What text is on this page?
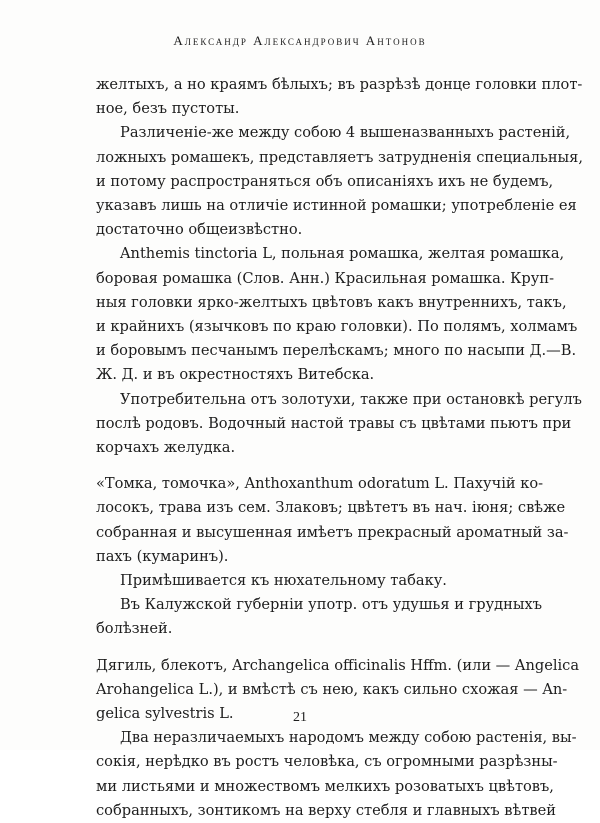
Александр Александрович Антонов
желтыхъ, а но краямъ бѣлыхъ; въ разрѣзѣ донце головки плот-
ное, безъ пустоты.
Различеніе-же между собою 4 вышеназванныхъ растеній,
ложныхъ ромашекъ, представляетъ затрудненія специальныя,
и потому распространяться объ описаніяхъ ихъ не будемъ,
указавъ лишь на отличіе истинной ромашки; употребленіе ея
достаточно общеизвѣстно.
Anthemis tinctoria L, польная ромашка, желтая ромашка,
боровая ромашка (Слов. Анн.) Красильная ромашка. Круп-
ныя головки ярко-желтыхъ цвѣтовъ какъ внутреннихъ, такъ,
и крайнихъ (язычковъ по краю головки). По полямъ, холмамъ
и боровымъ песчанымъ перелѣскамъ; много по насыпи Д.—В.
Ж. Д. и въ окрестностяхъ Витебска.
Употребительна отъ золотухи, также при остановкѣ регулъ
послѣ родовъ. Водочный настой травы съ цвѣтами пьютъ при
корчахъ желудка.
«Томка, томочка», Anthoxanthum odoratum L. Пахучій ко-
лосокъ, трава изъ сем. Злаковъ; цвѣтетъ въ нач. іюня; свѣже
собранная и высушенная имѣетъ прекрасный ароматный за-
пахъ (кумаринъ).
Примѣшивается къ нюхательному табаку.
Въ Калужской губерніи употр. отъ удушья и грудныхъ
болѣзней.
Дягиль, блекотъ, Archangelica officinalis Hffm. (или — Angelica
Arohangelica L.), и вмѣстѣ съ нею, какъ сильно схожая — An-
gelica sylvestris L.
Два неразличаемыхъ народомъ между собою растенія, вы-
сокія, нерѣдко въ ростъ человѣка, съ огромными разрѣзны-
ми листьями и множествомъ мелкихъ розоватыхъ цвѣтовъ,
собранныхъ, зонтикомъ на верху стебля и главныхъ вѣтвей
21
